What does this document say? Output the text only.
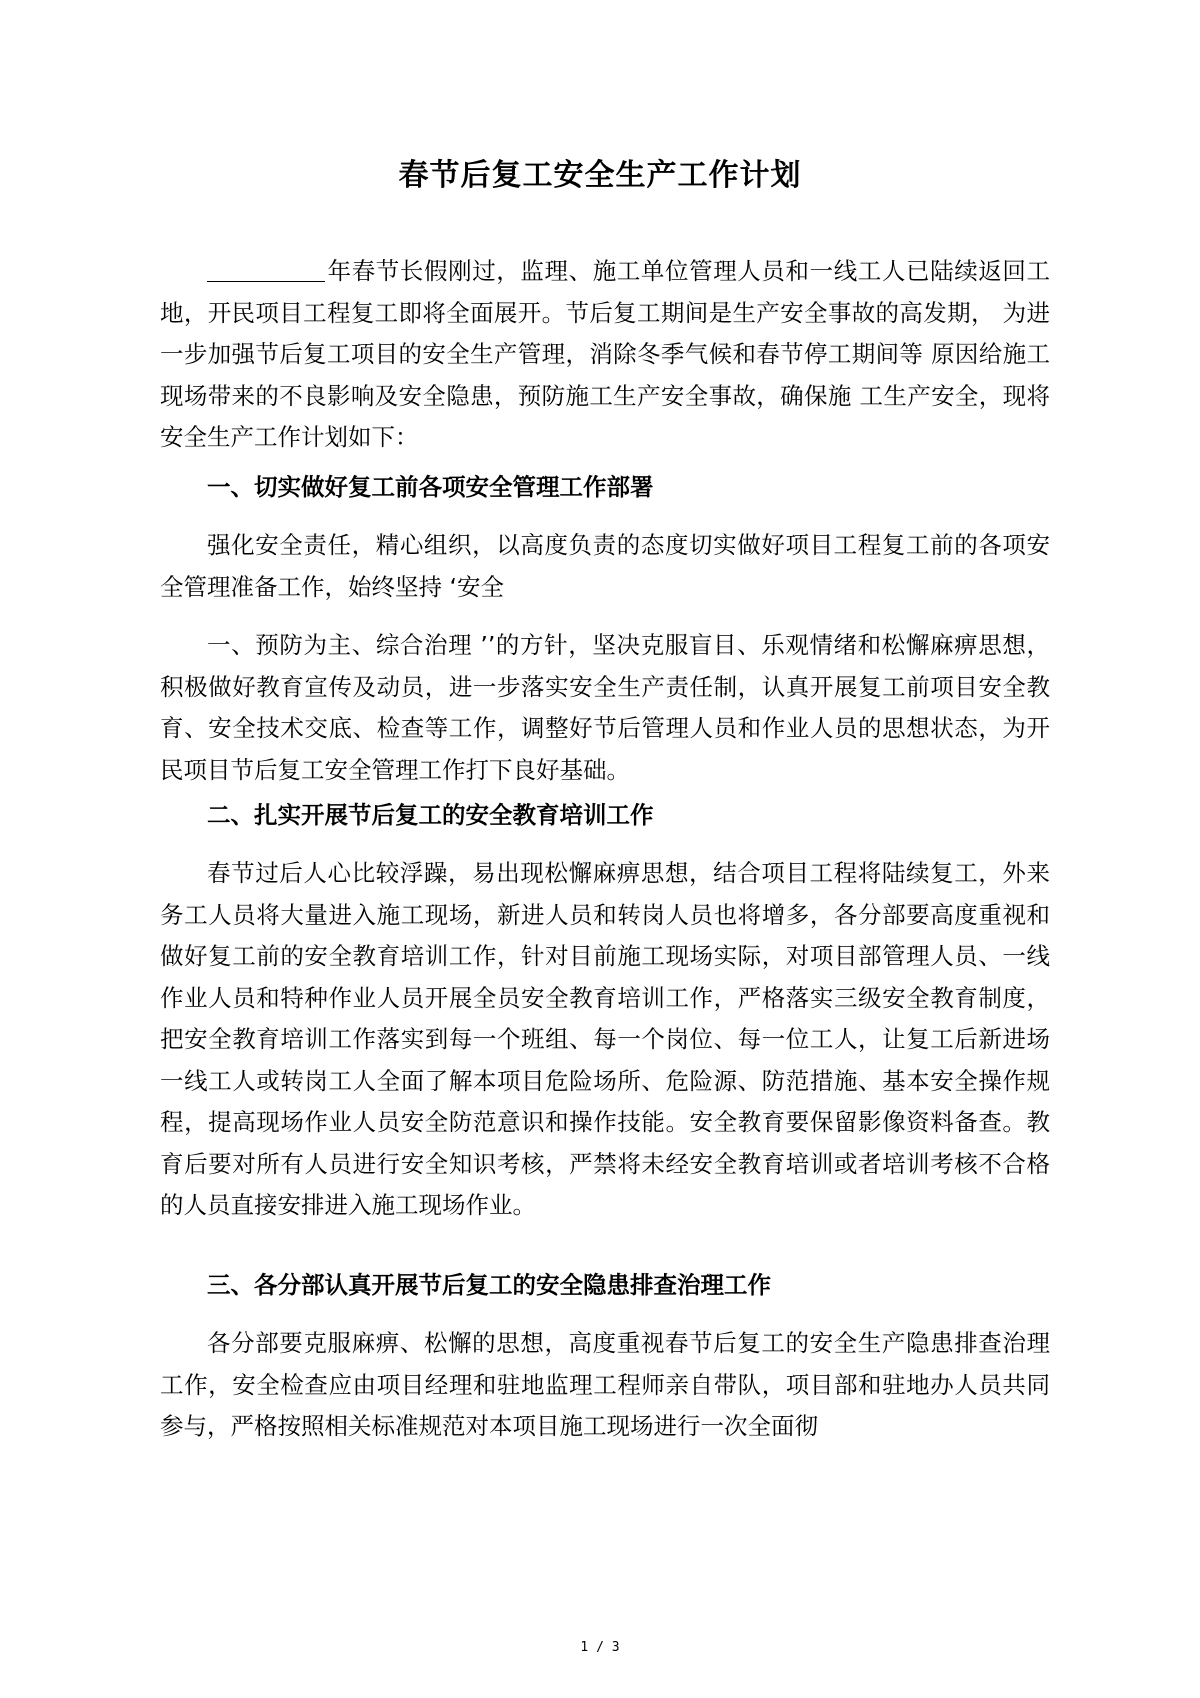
春节后复工安全生产工作计划

年春节长假刚过，监理、施工单位管理人员和一线工人已陆续返回工地，开民项目工程复工即将全面展开。节后复工期间是生产安全事故的高发期， 为进一步加强节后复工项目的安全生产管理，消除冬季气候和春节停工期间等 原因给施工现场带来的不良影响及安全隐患，预防施工生产安全事故，确保施 工生产安全，现将安全生产工作计划如下：

一、切实做好复工前各项安全管理工作部署

强化安全责任，精心组织，以高度负责的态度切实做好项目工程复工前的各项安全管理准备工作，始终坚持 ‘安全

一、预防为主、综合治理 ’’的方针，坚决克服盲目、乐观情绪和松懈麻痹思想，积极做好教育宣传及动员，进一步落实安全生产责任制，认真开展复工前项目安全教育、安全技术交底、检查等工作，调整好节后管理人员和作业人员的思想状态，为开民项目节后复工安全管理工作打下良好基础。

二、扎实开展节后复工的安全教育培训工作

春节过后人心比较浮躁，易出现松懈麻痹思想，结合项目工程将陆续复工，外来务工人员将大量进入施工现场，新进人员和转岗人员也将增多，各分部要高度重视和做好复工前的安全教育培训工作，针对目前施工现场实际，对项目部管理人员、一线作业人员和特种作业人员开展全员安全教育培训工作，严格落实三级安全教育制度，把安全教育培训工作落实到每一个班组、每一个岗位、每一位工人，让复工后新进场一线工人或转岗工人全面了解本项目危险场所、危险源、防范措施、基本安全操作规程，提高现场作业人员安全防范意识和操作技能。安全教育要保留影像资料备查。教育后要对所有人员进行安全知识考核，严禁将未经安全教育培训或者培训考核不合格的人员直接安排进入施工现场作业。

三、各分部认真开展节后复工的安全隐患排查治理工作

各分部要克服麻痹、松懈的思想，高度重视春节后复工的安全生产隐患排查治理工作，安全检查应由项目经理和驻地监理工程师亲自带队，项目部和驻地办人员共同参与，严格按照相关标准规范对本项目施工现场进行一次全面彻

1 / 3
